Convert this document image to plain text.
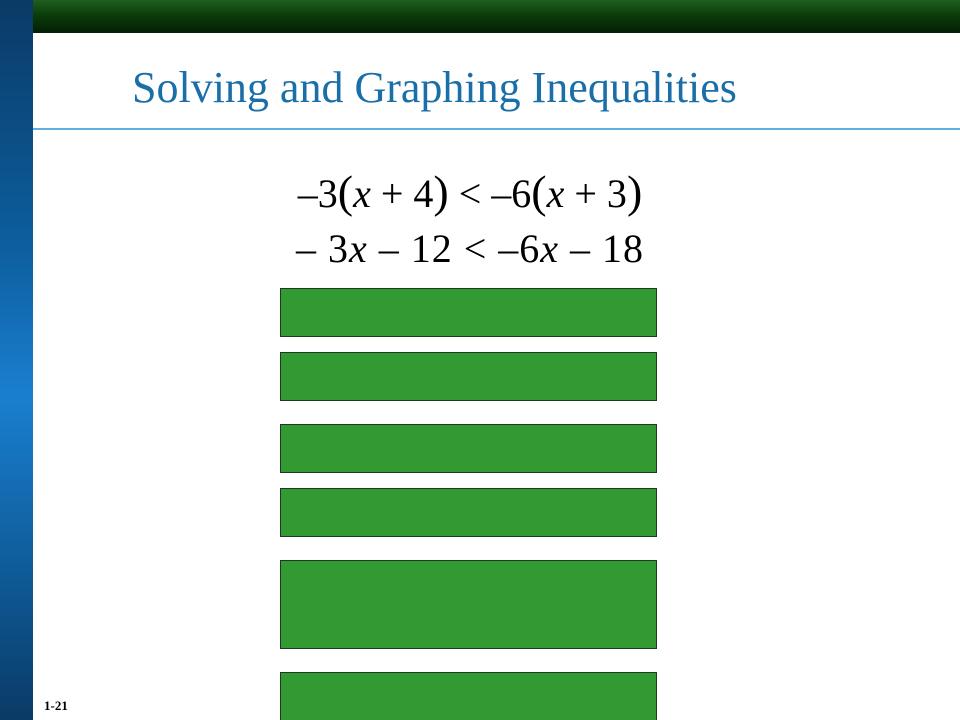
Solving and Graphing Inequalities
–3(x + 4) < –6(x + 3)
– 3x – 12 < –6x – 18
1-21
